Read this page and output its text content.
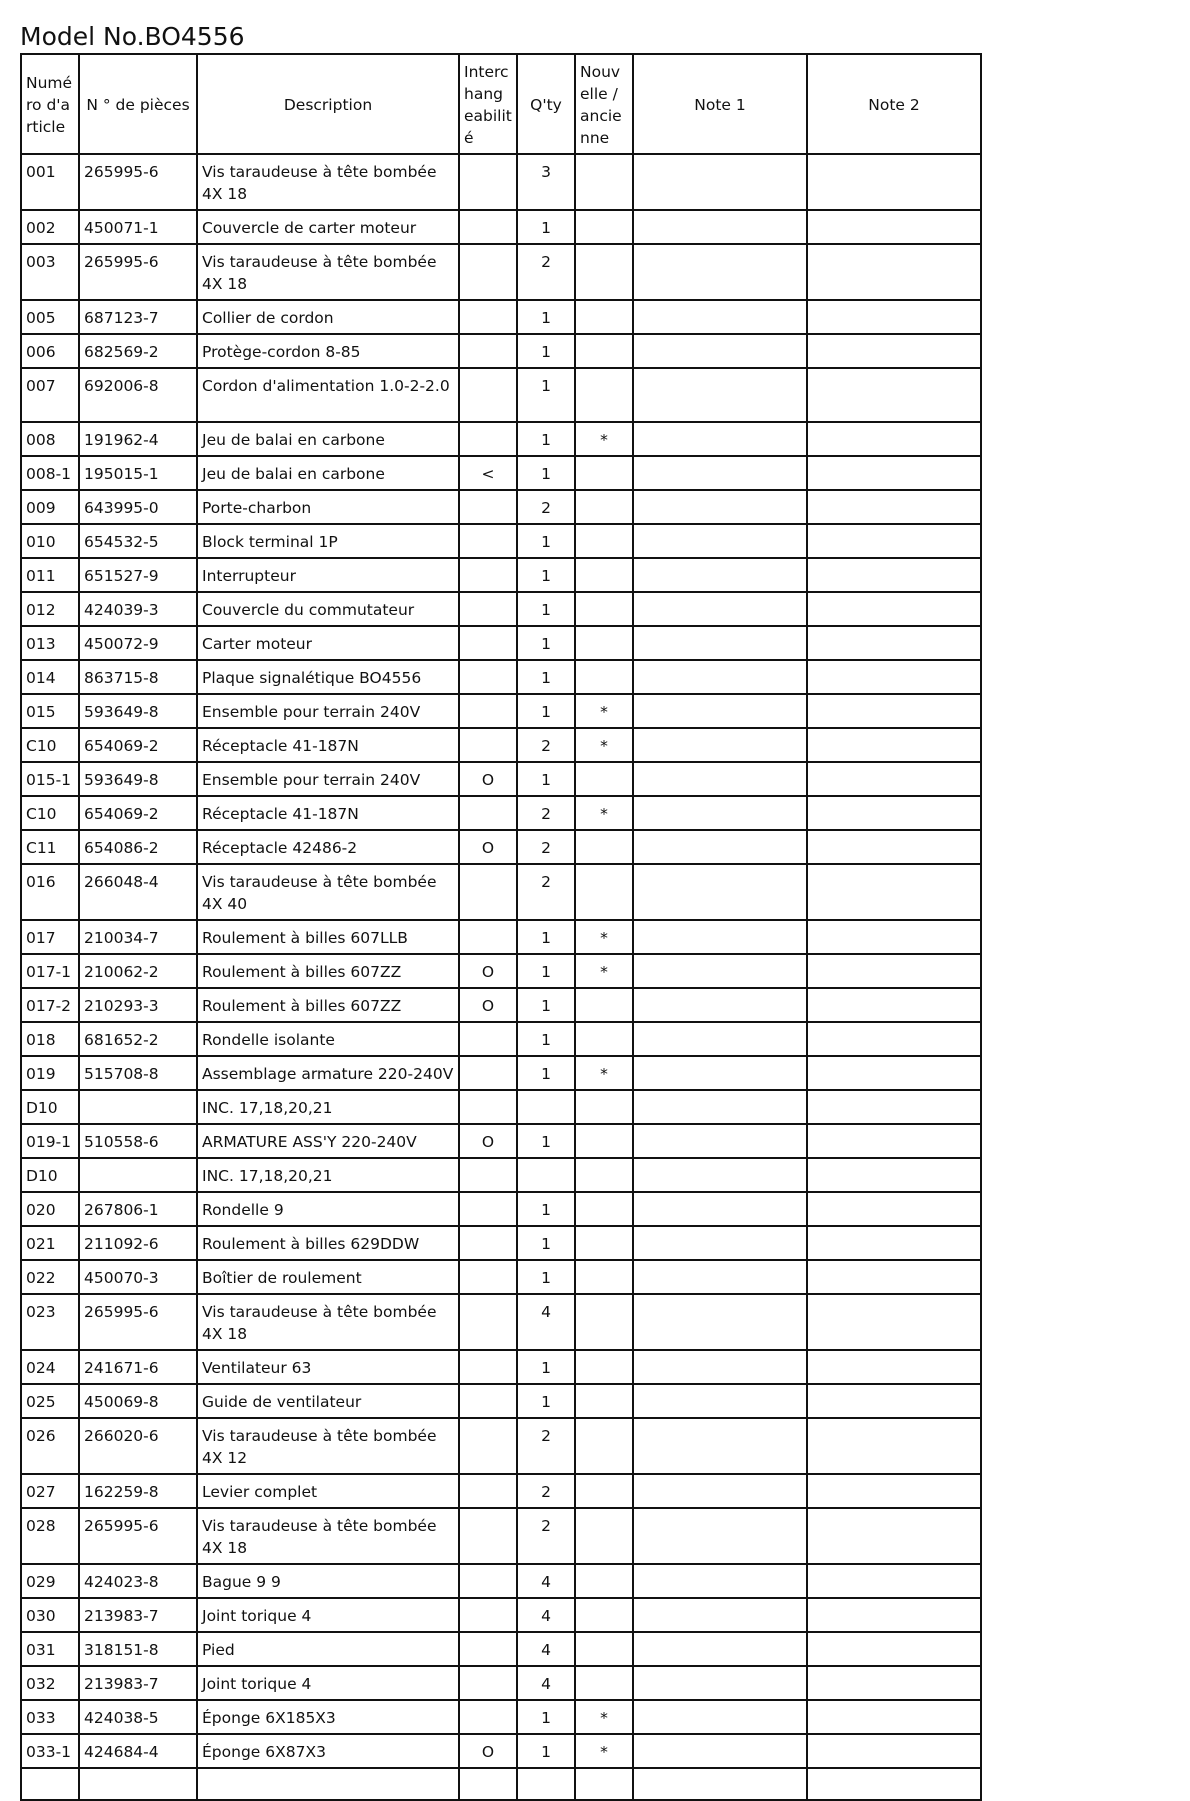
Model No.BO4556
Numé ro d'a rticle	N ° de pièces	Description	Interc hang eabilit é	Q'ty	Nouv elle / ancie nne	Note 1	Note 2
001	265995-6	Vis taraudeuse à tête bombée 4X 18		3			
002	450071-1	Couvercle de carter moteur		1			
003	265995-6	Vis taraudeuse à tête bombée 4X 18		2			
005	687123-7	Collier de cordon		1			
006	682569-2	Protège-cordon 8-85		1			
007	692006-8	Cordon d'alimentation 1.0-2-2.0		1			
008	191962-4	Jeu de balai en carbone		1	*		
008-1	195015-1	Jeu de balai en carbone	<	1			
009	643995-0	Porte-charbon		2			
010	654532-5	Block terminal 1P		1			
011	651527-9	Interrupteur		1			
012	424039-3	Couvercle du commutateur		1			
013	450072-9	Carter moteur		1			
014	863715-8	Plaque signalétique BO4556		1			
015	593649-8	Ensemble pour terrain 240V		1	*		
C10	654069-2	Réceptacle 41-187N		2	*		
015-1	593649-8	Ensemble pour terrain 240V	O	1			
C10	654069-2	Réceptacle 41-187N		2	*		
C11	654086-2	Réceptacle 42486-2	O	2			
016	266048-4	Vis taraudeuse à tête bombée 4X 40		2			
017	210034-7	Roulement à billes 607LLB		1	*		
017-1	210062-2	Roulement à billes 607ZZ	O	1	*		
017-2	210293-3	Roulement à billes 607ZZ	O	1			
018	681652-2	Rondelle isolante		1			
019	515708-8	Assemblage armature 220-240V		1	*		
D10		INC. 17,18,20,21					
019-1	510558-6	ARMATURE ASS'Y 220-240V	O	1			
D10		INC. 17,18,20,21					
020	267806-1	Rondelle 9		1			
021	211092-6	Roulement à billes 629DDW		1			
022	450070-3	Boîtier de roulement		1			
023	265995-6	Vis taraudeuse à tête bombée 4X 18		4			
024	241671-6	Ventilateur 63		1			
025	450069-8	Guide de ventilateur		1			
026	266020-6	Vis taraudeuse à tête bombée 4X 12		2			
027	162259-8	Levier complet		2			
028	265995-6	Vis taraudeuse à tête bombée 4X 18		2			
029	424023-8	Bague 9 9		4			
030	213983-7	Joint torique 4		4			
031	318151-8	Pied		4			
032	213983-7	Joint torique 4		4			
033	424038-5	Éponge 6X185X3		1	*		
033-1	424684-4	Éponge 6X87X3	O	1	*		
